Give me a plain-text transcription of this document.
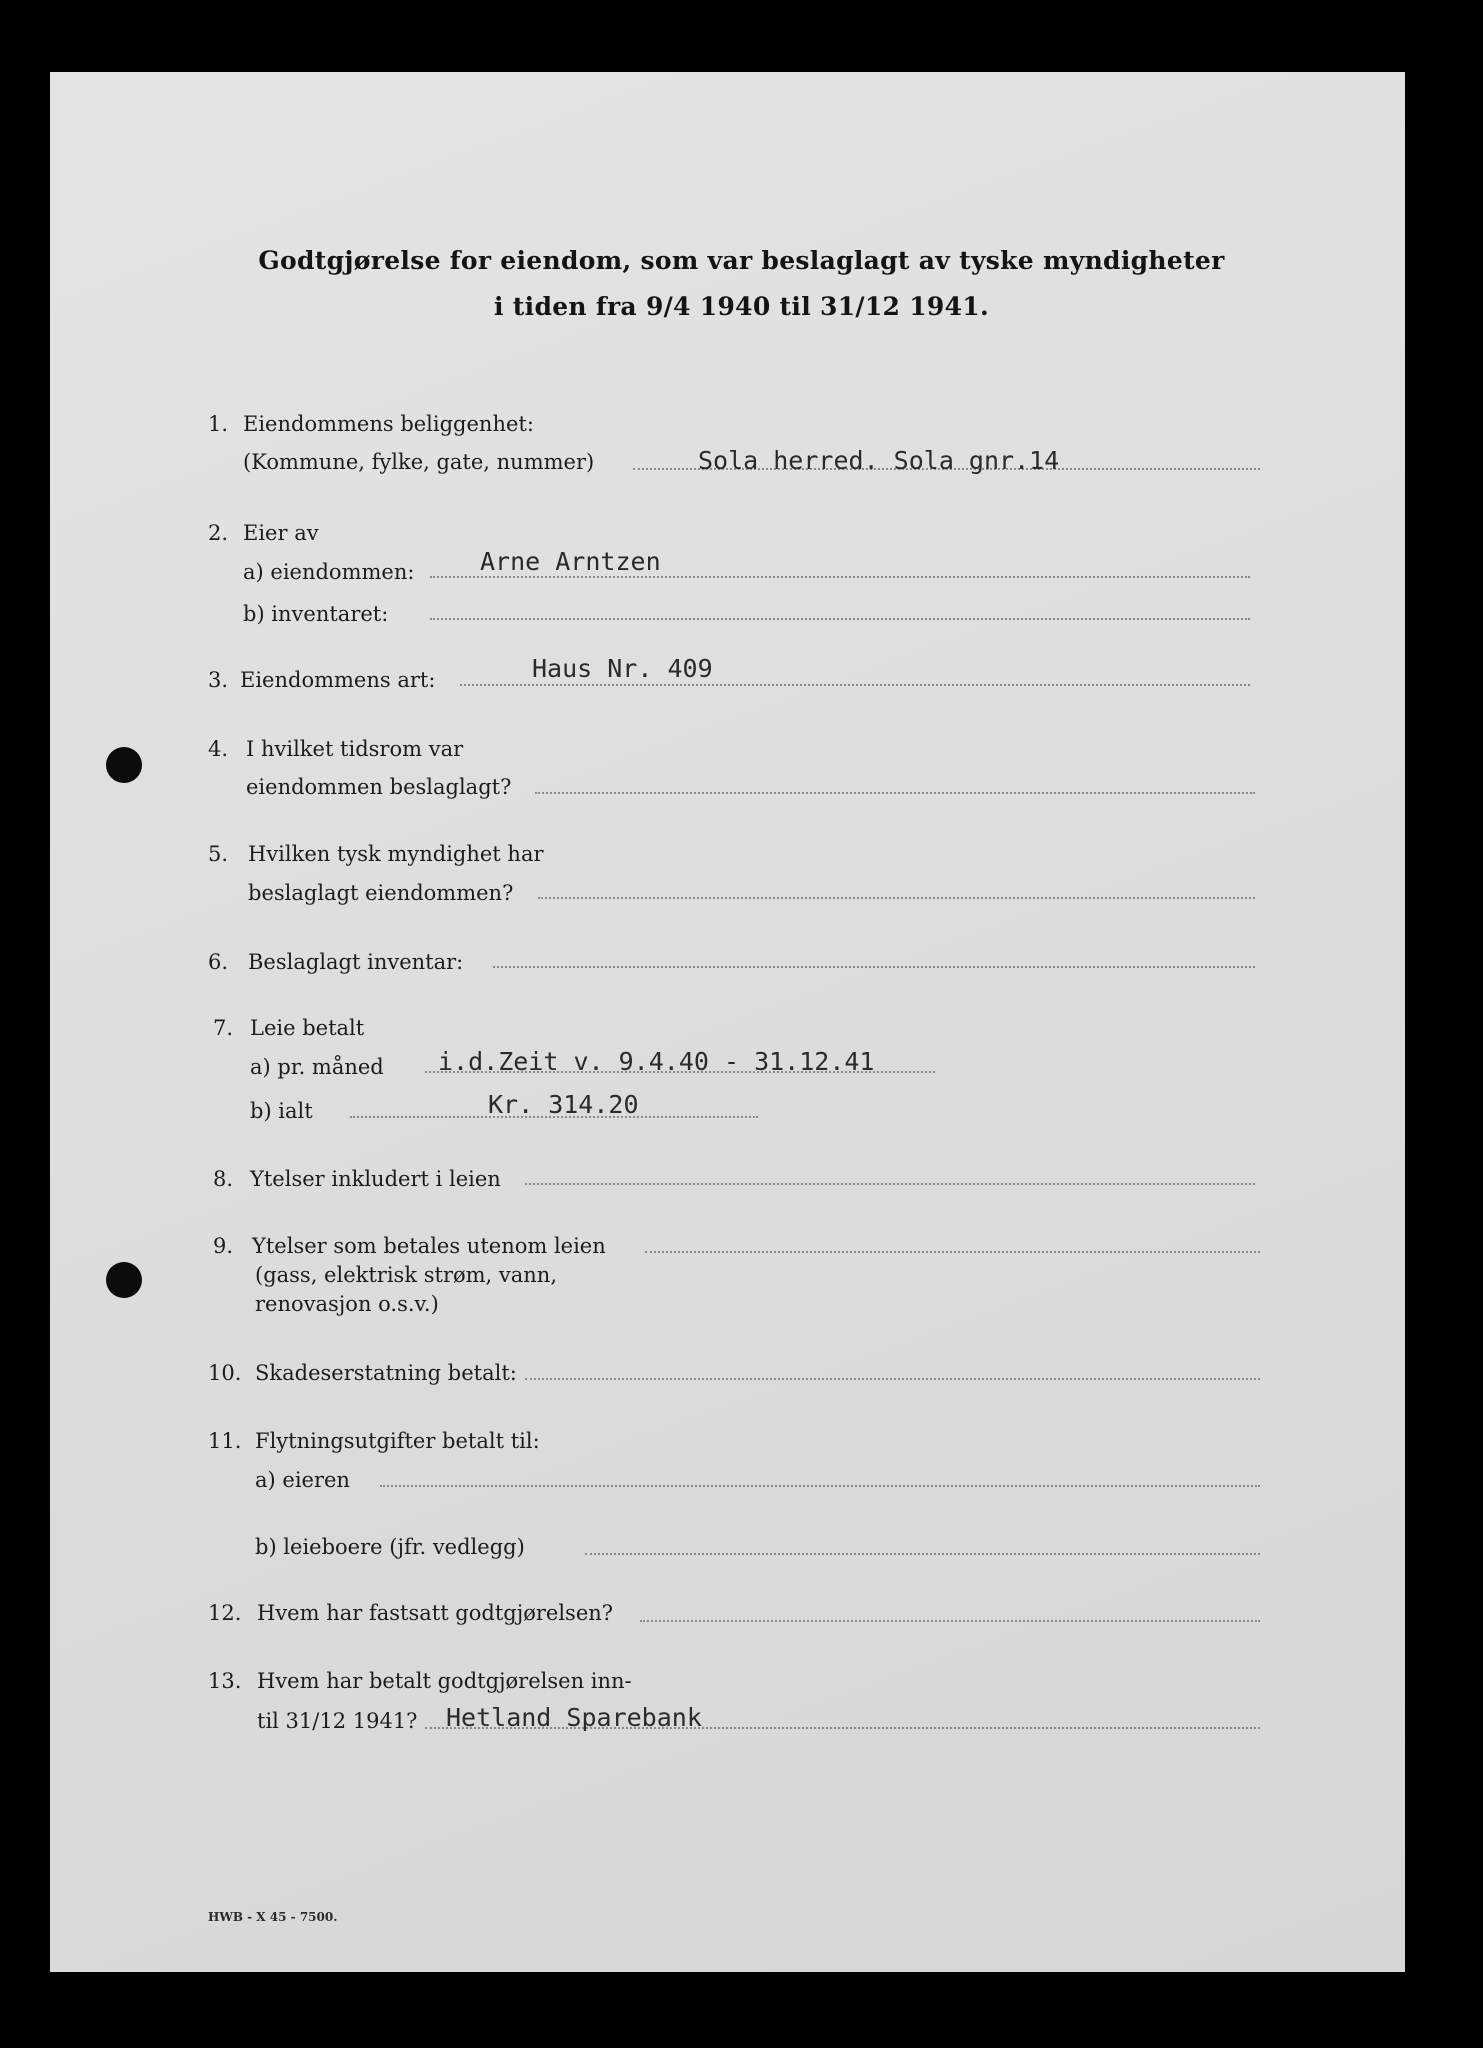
Godtgjørelse for eiendom, som var beslaglagt av tyske myndigheter
i tiden fra 9/4 1940 til 31/12 1941.
1. Eiendommens beliggenhet:
(Kommune, fylke, gate, nummer)	Sola herred. Sola gnr.14
2. Eier av
a) eiendommen:	Arne Arntzen
b) inventaret:
3. Eiendommens art:	Haus Nr. 409
4. I hvilket tidsrom var
eiendommen beslaglagt?
5. Hvilken tysk myndighet har
beslaglagt eiendommen?
6. Beslaglagt inventar:
7. Leie betalt
a) pr. måned i.d.Zeit v. 9.4.40 - 31.12.41
b) ialt	Kr. 314.20
8. Ytelser inkludert i leien
9. Ytelser som betales utenom leien
(gass, elektrisk strøm, vann,
renovasjon o.s.v.)
10. Skadeserstatning betalt:
11. Flytningsutgifter betalt til:
a) eieren
b) leieboere (jfr. vedlegg)
12. Hvem har fastsatt godtgjørelsen?
13. Hvem har betalt godtgjørelsen inn-
til 31/12 1941? Hetland Sparebank
HWB - X 45 - 7500.
